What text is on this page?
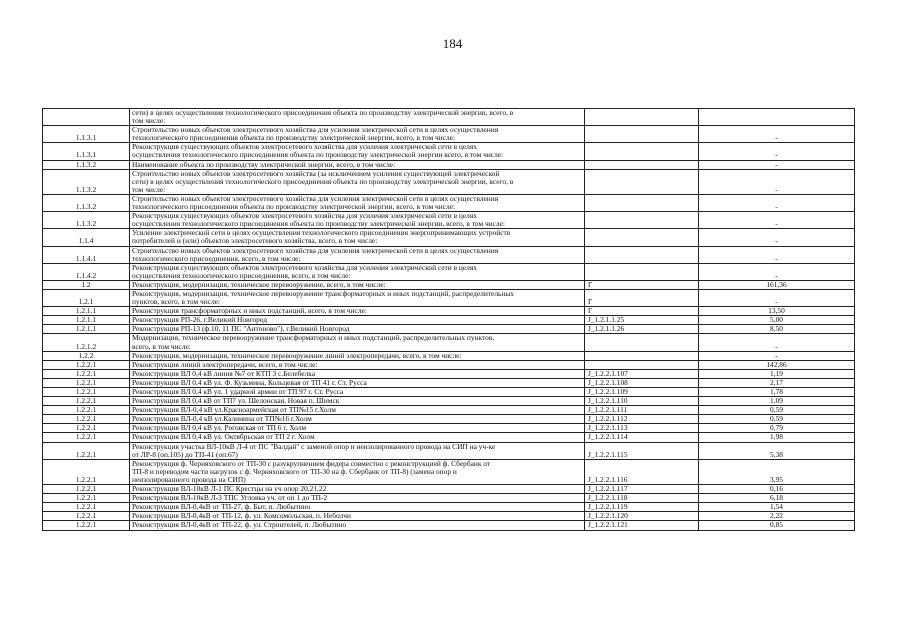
184
	сети) в целях осуществления технологического присоединения объекта по производству электрической энергии, всего, в
том числе:		
1.1.3.1	Строительство новых объектов электросетевого хозяйства для усиления электрической сети в целях осуществления
технологического присоединения объекта по производству электрической энергии, всего, в том числе:		-
1.1.3.1	Реконструкция существующих объектов электросетевого хозяйства для усиления электрической сети в целях
осуществления технологического присоединения объекта по производству электрической энергии всего, в том числе:		-
1.1.3.2	Наименование объекта по производству электрической энергии, всего, в том числе:		-
1.1.3.2	Строительство новых объектов электросетевого хозяйства (за исключением усиления существующей электрической
сети) в целях осуществления технологического присоединения объекта по производству электрической энергии, всего, в
том числе:		-
1.1.3.2	Строительство новых объектов электросетевого хозяйства для усиления электрической сети в целях осуществления
технологического присоединения объекта по производству электрической энергии, всего, в том числе:		-
1.1.3.2	Реконструкция существующих объектов электросетевого хозяйства для усиления электрической сети в целях
осуществления технологического присоединения объекта по производству электрической энергии, всего, в том числе:		-
1.1.4	Усиление электрической сети в целях осуществления технологического присоединения энергопринимающих устройств
потребителей и (или) объектов электросетевого хозяйства, всего, в том числе:		-
1.1.4.1	Строительство новых объектов электросетевого хозяйства для усиления электрической сети в целях осуществления
технологического присоединения, всего, в том числе:		-
1.1.4.2	Реконструкция существующих объектов электросетевого хозяйства для усиления электрической сети в целях
осуществления технологического присоединения, всего, в том числе:		-
1.2	Реконструкция, модернизация, техническое перевооружение, всего, в том числе:	Г	161,36
1.2.1	Реконструкция, модернизация, техническое перевооружение трансформаторных и иных подстанций, распределительных
пунктов, всего, в том числе:	Г	-
1.2.1.1	Реконструкция трансформаторных и иных подстанций, всего, в том числе:	Г	13,50
1.2.1.1	Реконструкция РП-26, г.Великий Новгород	J_1.2.1.1.25	5,00
1.2.1.1	Реконструкция РП-13 (ф.10, 11 ПС "Антоново"), г.Великий Новгород	J_1.2.1.1.26	8,50
1.2.1.2	Модернизация, техническое перевооружение трансформаторных и иных подстанций, распределительных пунктов,
всего, в том числе:		-
1.2.2	Реконструкция, модернизация, техническое перевооружение линий электропередачи, всего, в том числе:		-
1.2.2.1	Реконструкция линий электропередачи, всего, в том числе:		142,86
1.2.2.1	Реконструкция ВЛ 0,4 кВ линия №7 от КТП 3 с.Белебелка	J_1.2.2.1.107	1,19
1.2.2.1	Реконструкция ВЛ 0,4 кВ ул. Ф. Кузьмина, Кольцевая от ТП 41 г. Ст. Русса	J_1.2.2.1.108	2,17
1.2.2.1	Реконструкция ВЛ 0,4 кВ ул. 1 ударной армии от ТП 97 г. Ст. Русса	J_1.2.2.1.109	1,78
1.2.2.1	Реконструкция ВЛ 0,4 кВ от ТП7 ул. Шелонская, Новая п. Шимск	J_1.2.2.1.110	1,09
1.2.2.1	Реконструкция ВЛ-0,4 кВ ул.Красноармейская от ТП№15 г.Холм	J_1.2.2.1.111	0,59
1.2.2.1	Реконструкция ВЛ-0,4 кВ ул.Калинина от ТП№16 г.Холм	J_1.2.2.1.112	0,59
1.2.2.1	Реконструкция ВЛ 0,4 кВ ул. Роговская от ТП 6 г. Холм	J_1.2.2.1.113	0,79
1.2.2.1	Реконструкция ВЛ 0,4 кВ ул. Октябрьская от ТП 2 г. Холм	J_1.2.2.1.114	1,98
1.2.2.1	Реконструкция участка ВЛ-10кВ Л-4 от ПС "Валдай" с заменой опор и неизолированного провода на СИП на уч-ке
от ЛР-8 (оп.105) до ТП-41 (оп.67)	J_1.2.2.1.115	5,38
1.2.2.1	Реконструкция ф. Черняховского от ТП-30 с разукрупнением фидера совместно с реконструкцией ф. Сбербанк от
ТП-8 и переводом части нагрузок с ф. Черняховского от ТП-30 на ф. Сбербанк от ТП-8) (замена опор и
неизолированного провода на СИП)	J_1.2.2.1.116	3,95
1.2.2.1	Реконструкция ВЛ-10кВ Л-1 ПС Крестцы на уч опор 20,21,22	J_1.2.2.1.117	0,16
1.2.2.1	Реконструкция ВЛ-10кВ Л-3 ТПС Угловка уч. от оп 1 до ТП-2	J_1.2.2.1.118	6,18
1.2.2.1	Реконструкция ВЛ-0,4кВ от ТП-27, ф. Быт, п. Любытино	J_1.2.2.1.119	1,54
1.2.2.1	Реконструкция ВЛ-0,4кВ от ТП-12, ф. ул. Комсомольская, п. Неболчи	J_1.2.2.1.120	2,22
1.2.2.1	Реконструкция ВЛ-0,4кВ от ТП-22, ф. ул. Строителей, п. Любытино	J_1.2.2.1.121	0,85
